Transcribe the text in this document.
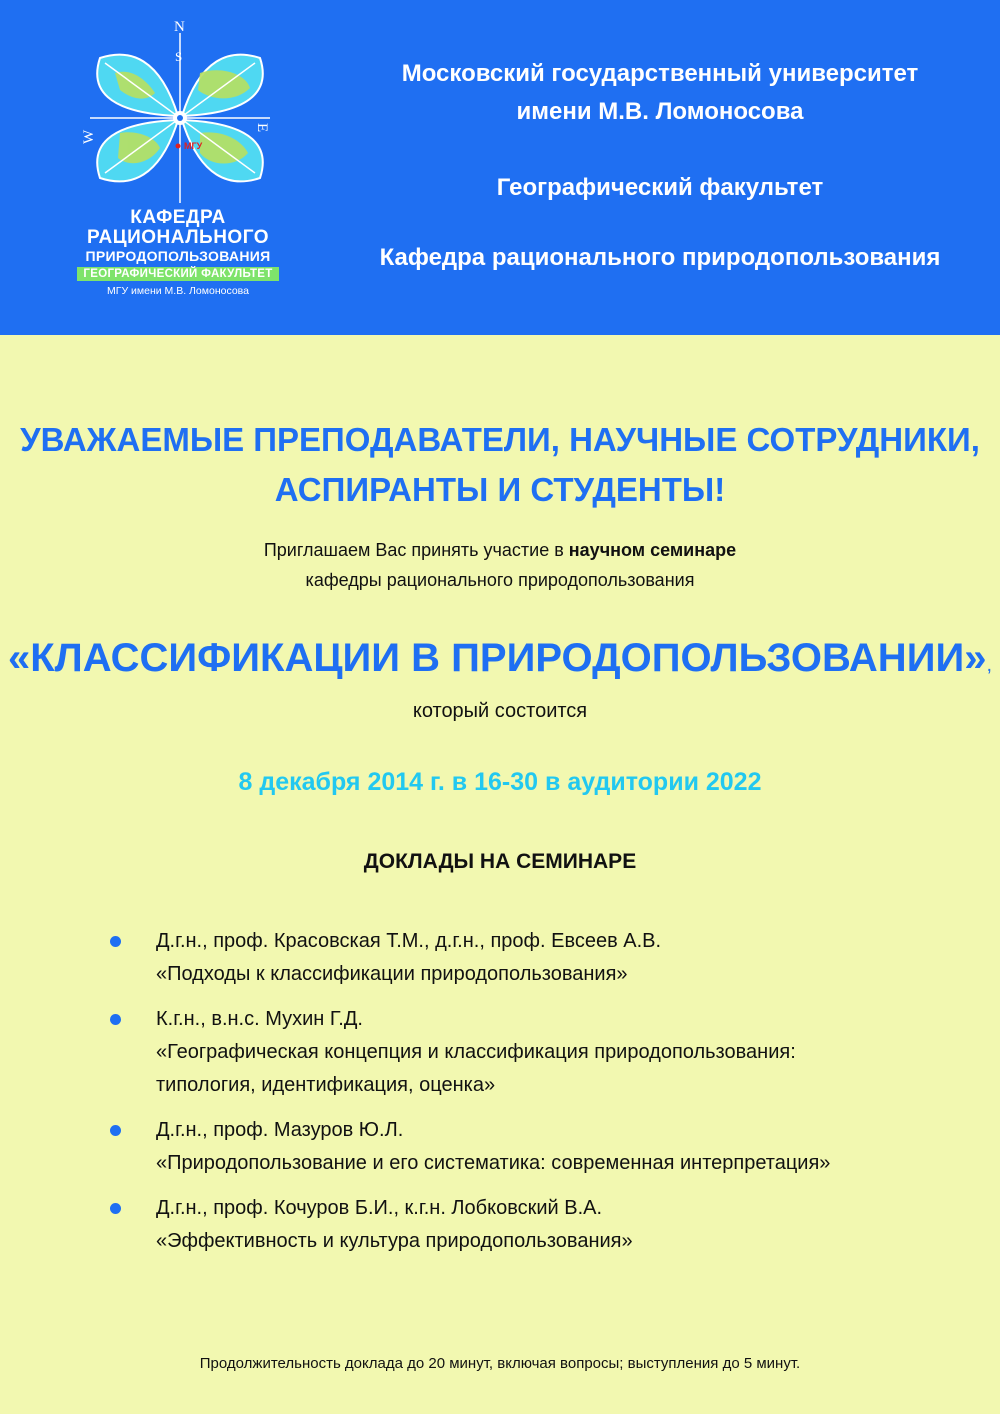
МГУ
N
S
W
E
КАФЕДРА
РАЦИОНАЛЬНОГО
ПРИРОДОПОЛЬЗОВАНИЯ
ГЕОГРАФИЧЕСКИЙ ФАКУЛЬТЕТ
МГУ имени М.В. Ломоносова
Московский государственный университет
имени М.В. Ломоносова
Географический факультет
Кафедра рационального природопользования
УВАЖАЕМЫЕ ПРЕПОДАВАТЕЛИ, НАУЧНЫЕ СОТРУДНИКИ,
АСПИРАНТЫ И СТУДЕНТЫ!
Приглашаем Вас принять участие в научном семинаре
кафедры рационального природопользования
«КЛАССИФИКАЦИИ В ПРИРОДОПОЛЬЗОВАНИИ»,
который состоится
8 декабря 2014 г. в 16-30 в аудитории 2022
ДОКЛАДЫ НА СЕМИНАРЕ
Д.г.н., проф. Красовская Т.М., д.г.н., проф. Евсеев А.В.
«Подходы к классификации природопользования»
К.г.н., в.н.с. Мухин Г.Д.
«Географическая концепция и классификация природопользования:
типология, идентификация, оценка»
Д.г.н., проф. Мазуров Ю.Л.
«Природопользование и его систематика: современная интерпретация»
Д.г.н., проф. Кочуров Б.И., к.г.н. Лобковский В.А.
«Эффективность и культура природопользования»
Продолжительность доклада до 20 минут, включая вопросы; выступления до 5 минут.
